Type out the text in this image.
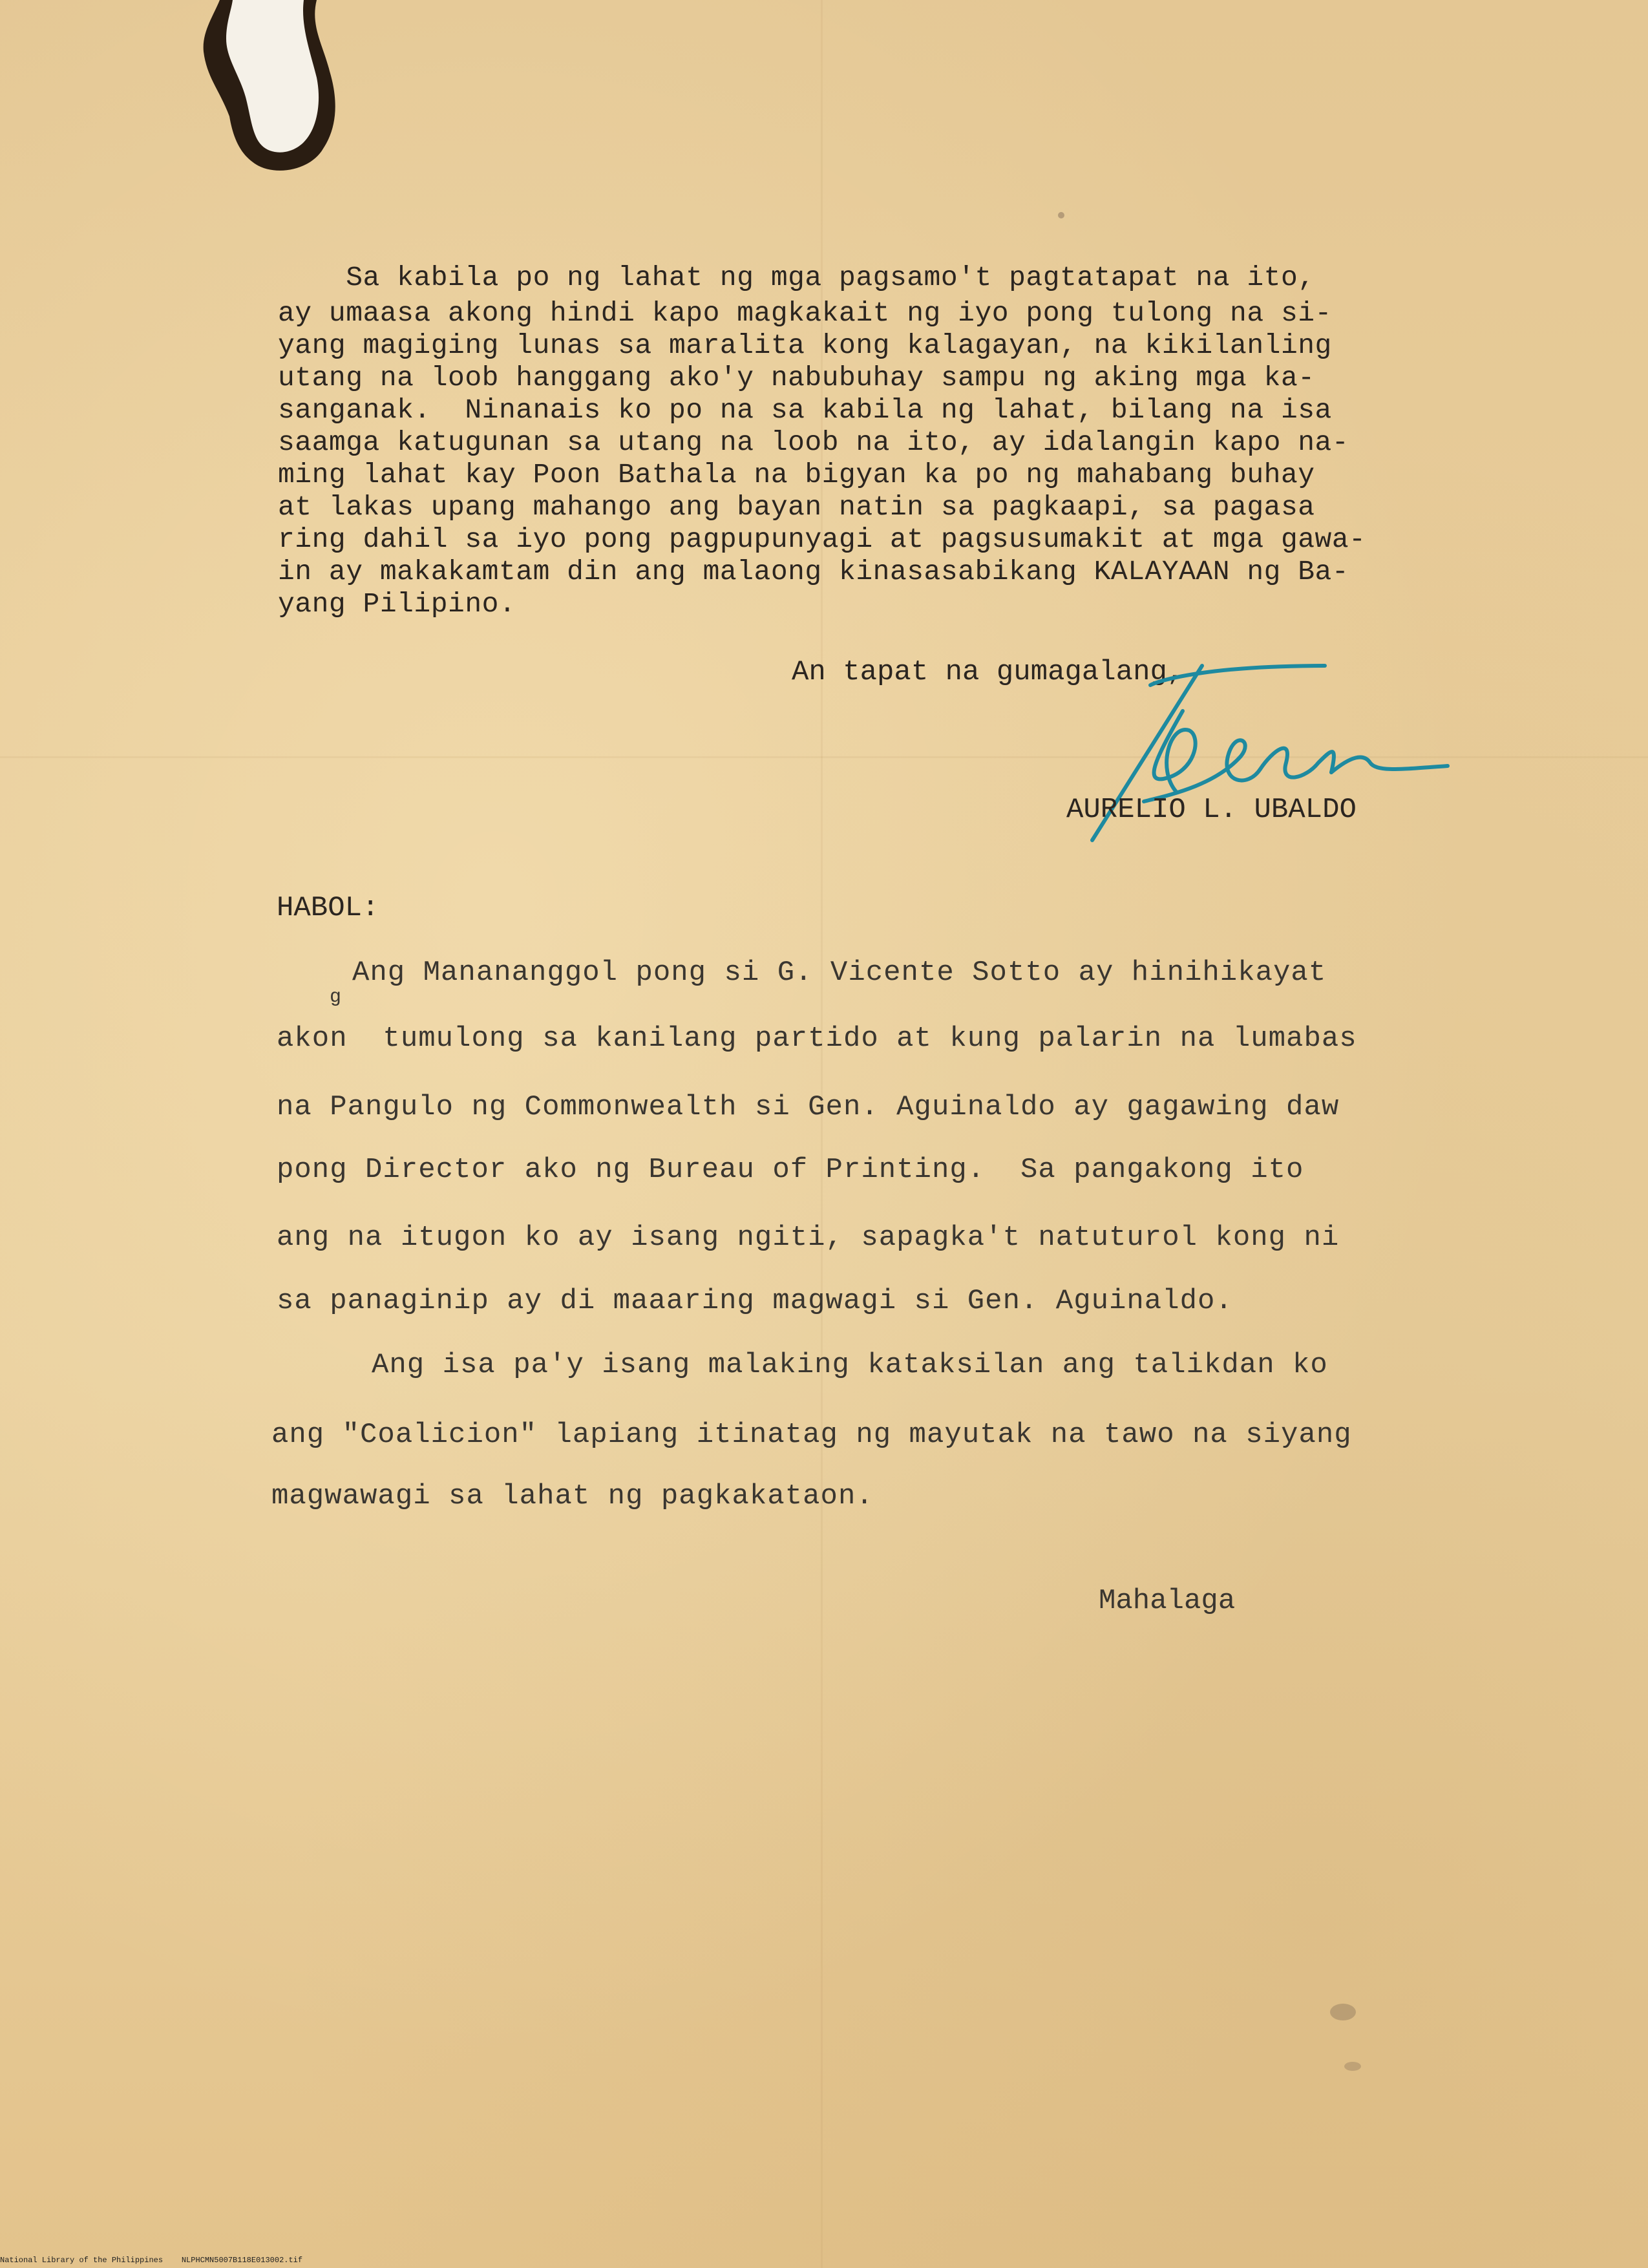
Sa kabila po ng lahat ng mga pagsamo't pagtatapat na ito,
ay umaasa akong hindi kapo magkakait ng iyo pong tulong na si-
yang magiging lunas sa maralita kong kalagayan, na kikilanling
utang na loob hanggang ako'y nabubuhay sampu ng aking mga ka-
sanganak.  Ninanais ko po na sa kabila ng lahat, bilang na isa
saamga katugunan sa utang na loob na ito, ay idalangin kapo na-
ming lahat kay Poon Bathala na bigyan ka po ng mahabang buhay
at lakas upang mahango ang bayan natin sa pagkaapi, sa pagasa
ring dahil sa iyo pong pagpupunyagi at pagsusumakit at mga gawa-
in ay makakamtam din ang malaong kinasasabikang KALAYAAN ng Ba-
yang Pilipino.
An tapat na gumagalang,
AURELIO L. UBALDO
HABOL:
Ang Manananggol pong si G. Vicente Sotto ay hinihikayat
g
akon  tumulong sa kanilang partido at kung palarin na lumabas
na Pangulo ng Commonwealth si Gen. Aguinaldo ay gagawing daw
pong Director ako ng Bureau of Printing.  Sa pangakong ito
ang na itugon ko ay isang ngiti, sapagka't natuturol kong ni
sa panaginip ay di maaaring magwagi si Gen. Aguinaldo.
Ang isa pa'y isang malaking kataksilan ang talikdan ko
ang "Coalicion" lapiang itinatag ng mayutak na tawo na siyang
magwawagi sa lahat ng pagkakataon.
Mahalaga
National Library of the Philippines    NLPHCMN5007B118E013002.tif
